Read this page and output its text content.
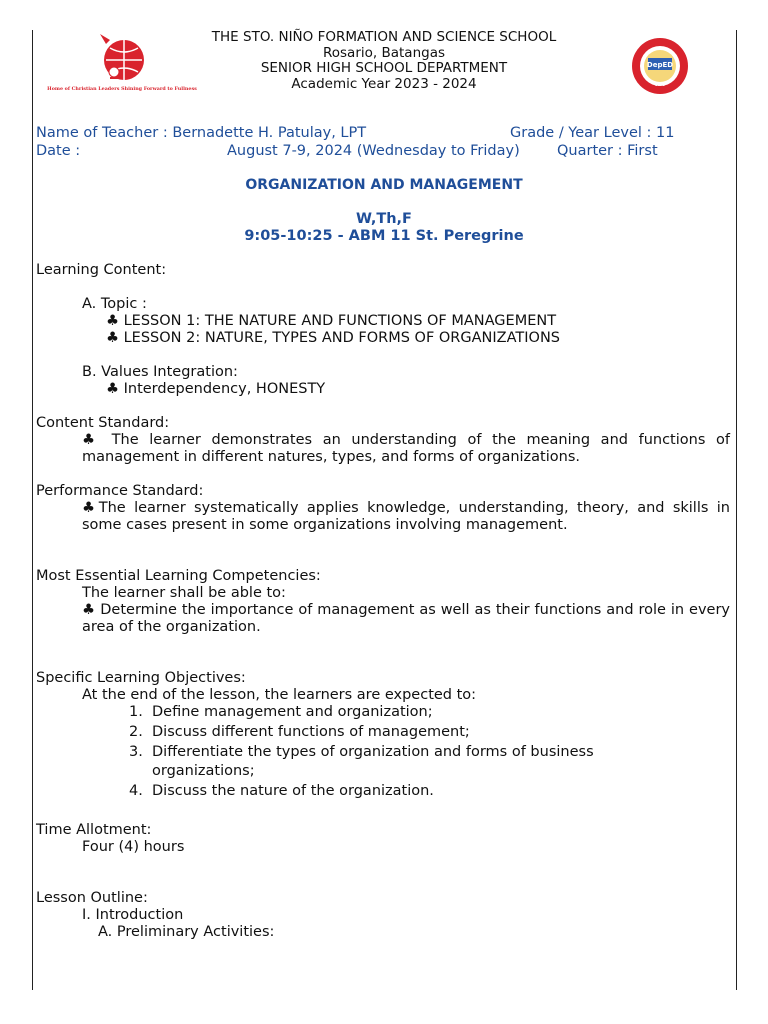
Home of Christian Leaders Shining Forward to Fullness
DepED
1975
THE STO. NIÑO FORMATION AND SCIENCE SCHOOL
Rosario, Batangas
SENIOR HIGH SCHOOL DEPARTMENT
Academic Year 2023 - 2024
Name of Teacher : Bernadette H. Patulay, LPT	Grade / Year Level : 11
Date :	August 7-9, 2024 (Wednesday to Friday)	Quarter : First
ORGANIZATION AND MANAGEMENT
W,Th,F
9:05-10:25 - ABM 11 St. Peregrine
Learning Content:
A. Topic :
♣ LESSON 1: THE NATURE AND FUNCTIONS OF MANAGEMENT
♣ LESSON 2: NATURE, TYPES AND FORMS OF ORGANIZATIONS
B. Values Integration:
♣ Interdependency, HONESTY
Content Standard:
♣ The learner demonstrates an understanding of the meaning and functions of management in different natures, types, and forms of organizations.
Performance Standard:
♣The learner systematically applies knowledge, understanding, theory, and skills in some cases present in some organizations involving management.
Most Essential Learning Competencies:
The learner shall be able to:
♣ Determine the importance of management as well as their functions and role in every area of the organization.
Specific Learning Objectives:
At the end of the lesson, the learners are expected to:
1. Define management and organization;
2. Discuss different functions of management;
3. Differentiate the types of organization and forms of business
organizations;
4. Discuss the nature of the organization.
Time Allotment:
Four (4) hours
Lesson Outline:
I. Introduction
A. Preliminary Activities:
